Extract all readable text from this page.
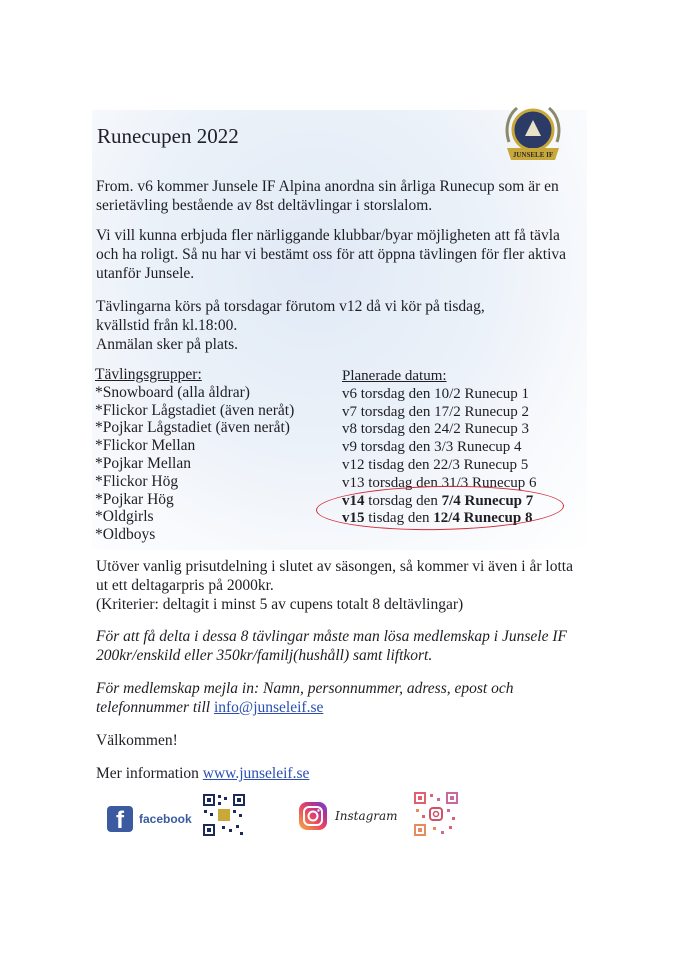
JUNSELE IF
Runecupen 2022
From. v6 kommer Junsele IF Alpina anordna sin årliga Runecup som är en
serietävling bestående av 8st deltävlingar i storslalom.
Vi vill kunna erbjuda fler närliggande klubbar/byar möjligheten att få tävla
och ha roligt. Så nu har vi bestämt oss för att öppna tävlingen för fler aktiva
utanför Junsele.
Tävlingarna körs på torsdagar förutom v12 då vi kör på tisdag,
kvällstid från kl.18:00.
Anmälan sker på plats.
Tävlingsgrupper:
*Snowboard (alla åldrar)
*Flickor Lågstadiet (även neråt)
*Pojkar Lågstadiet (även neråt)
*Flickor Mellan
*Pojkar Mellan
*Flickor Hög
*Pojkar Hög
*Oldgirls
*Oldboys
Planerade datum:
v6 torsdag den 10/2 Runecup 1
v7 torsdag den 17/2 Runecup 2
v8 torsdag den 24/2 Runecup 3
v9 torsdag den 3/3 Runecup 4
v12 tisdag den 22/3 Runecup 5
v13 torsdag den 31/3 Runecup 6
v14 torsdag den 7/4 Runecup 7
v15 tisdag den 12/4 Runecup 8
Utöver vanlig prisutdelning i slutet av säsongen, så kommer vi även i år lotta
ut ett deltagarpris på 2000kr.
(Kriterier: deltagit i minst 5 av cupens totalt 8 deltävlingar)
För att få delta i dessa 8 tävlingar måste man lösa medlemskap i Junsele IF
200kr/enskild eller 350kr/familj(hushåll) samt liftkort.
För medlemskap mejla in: Namn, personnummer, adress, epost och
telefonnummer till info@junseleif.se
Välkommen!
Mer information www.junseleif.se
f facebook	Instagram
